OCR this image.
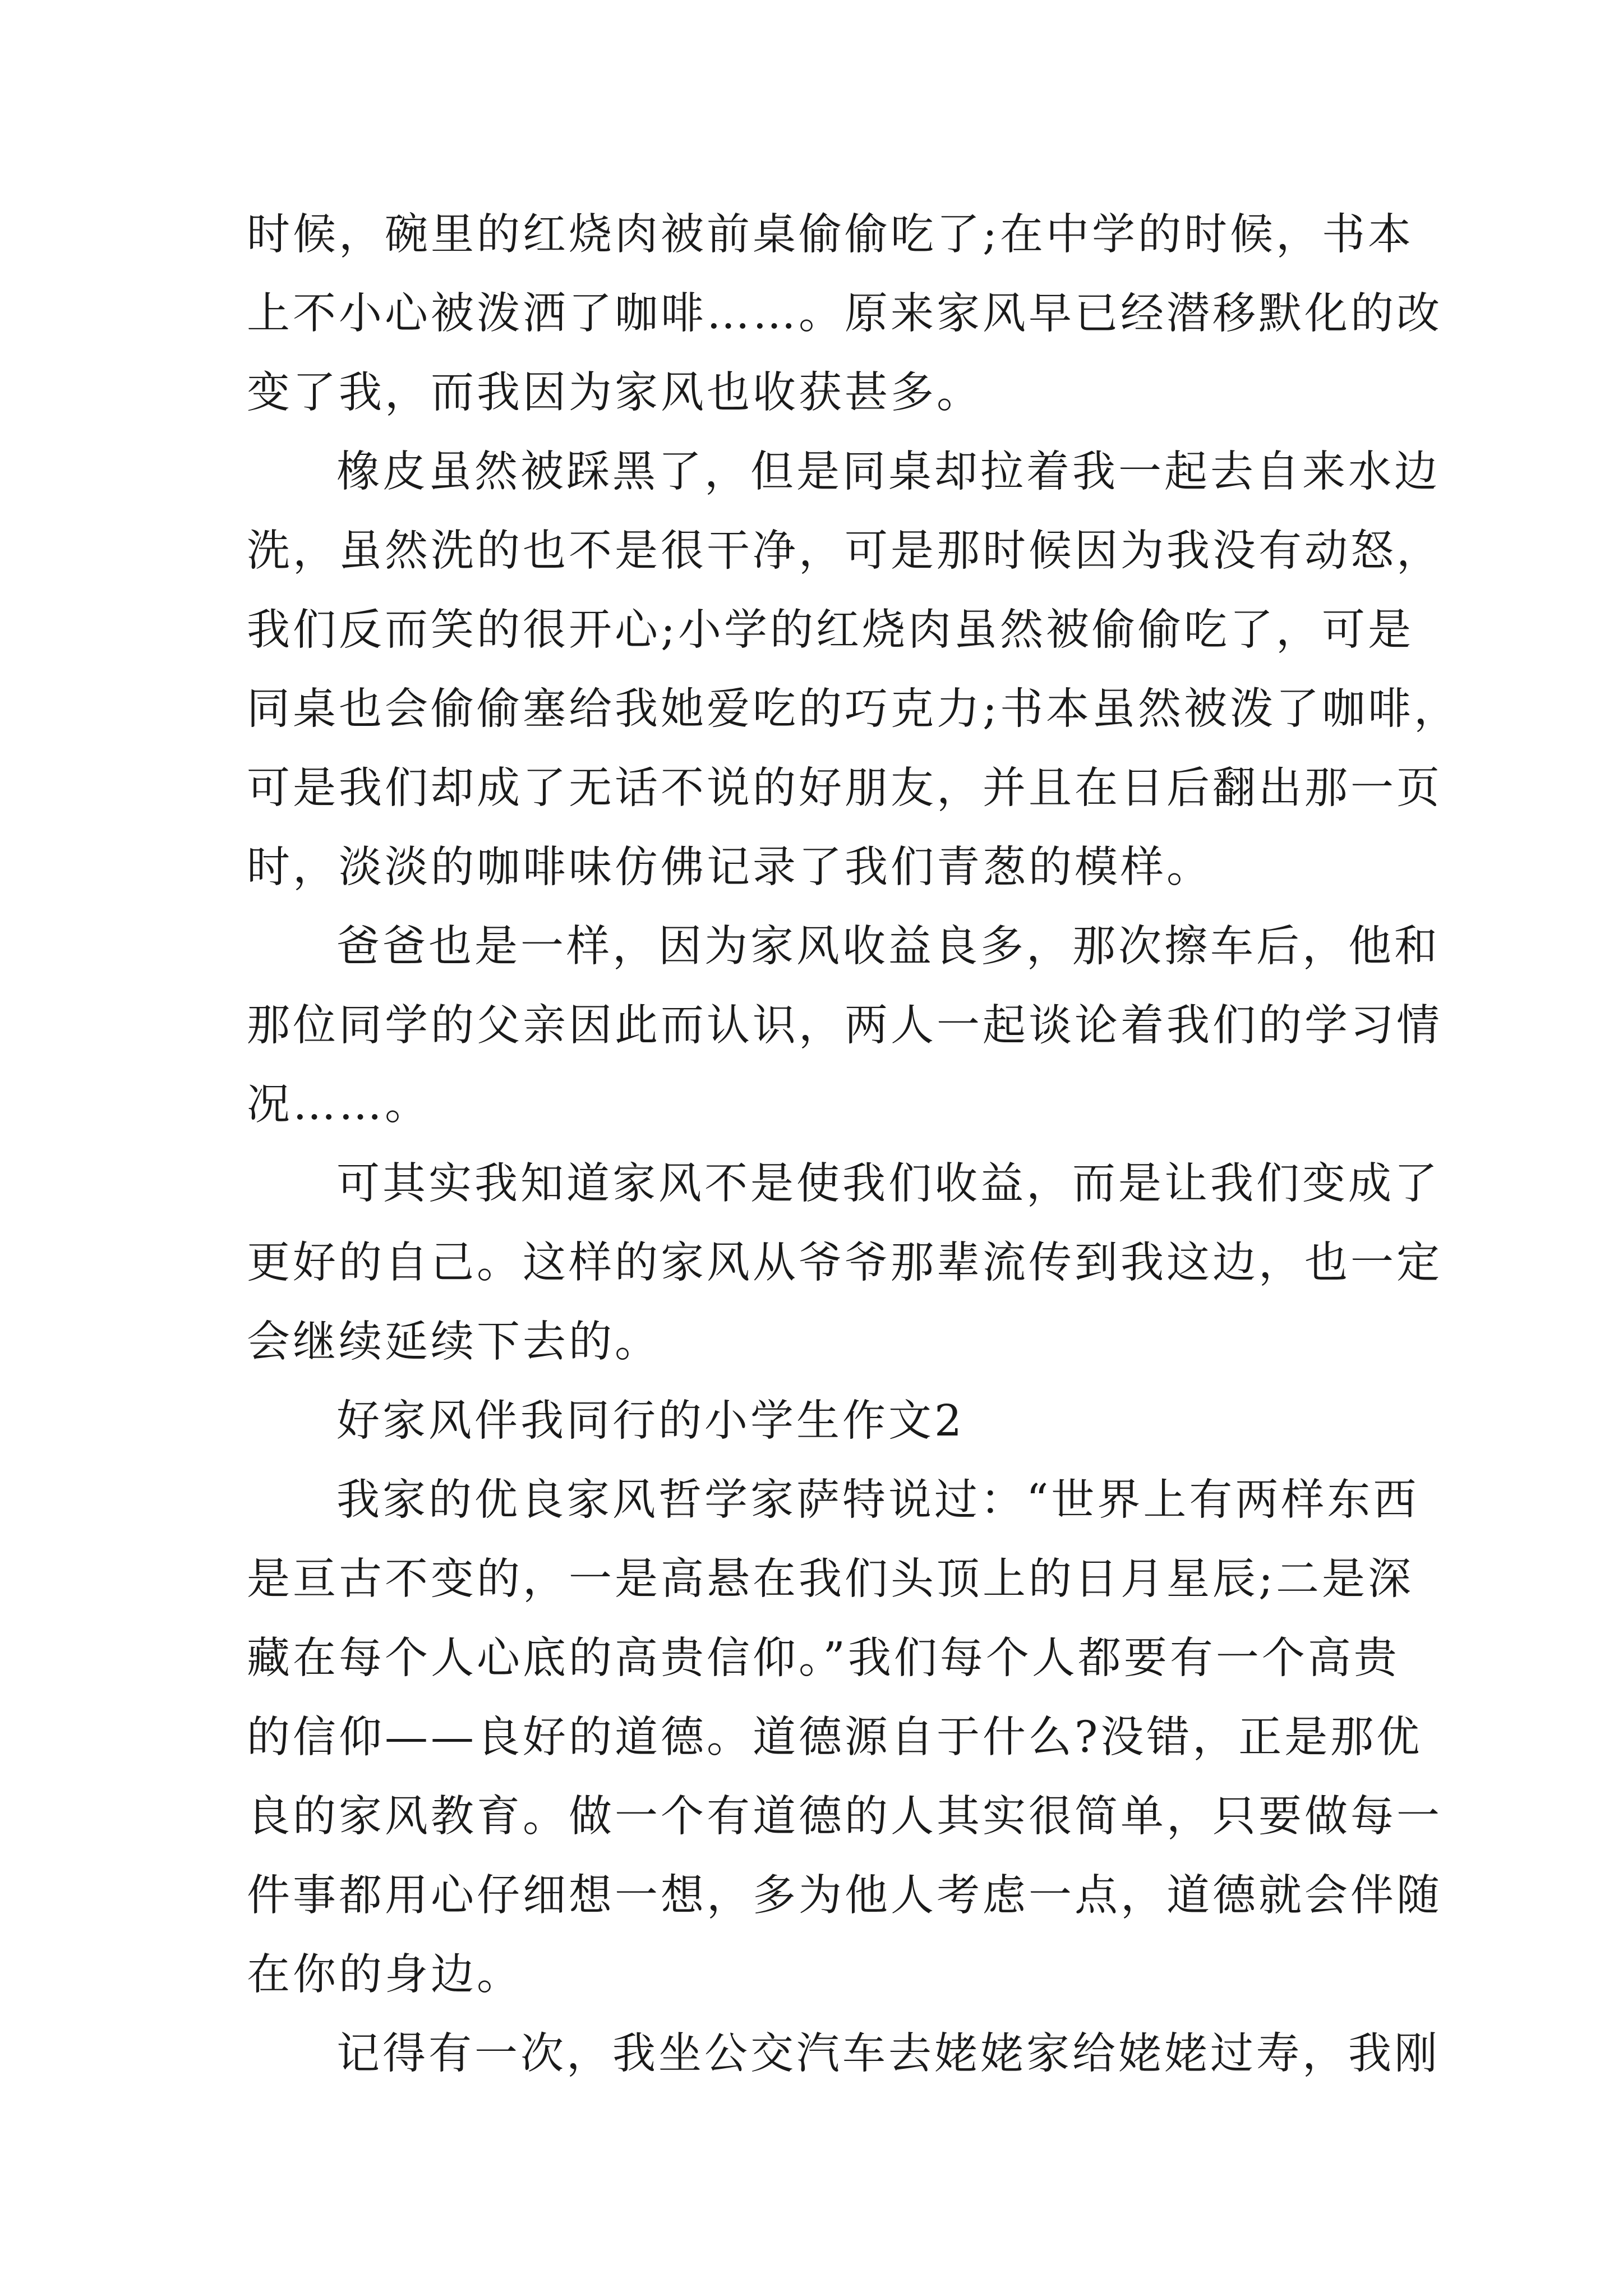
时候，碗里的红烧肉被前桌偷偷吃了;在中学的时候，书本
上不小心被泼洒了咖啡……。原来家风早已经潜移默化的改
变了我，而我因为家风也收获甚多。
橡皮虽然被踩黑了，但是同桌却拉着我一起去自来水边
洗，虽然洗的也不是很干净，可是那时候因为我没有动怒，
我们反而笑的很开心;小学的红烧肉虽然被偷偷吃了，可是
同桌也会偷偷塞给我她爱吃的巧克力;书本虽然被泼了咖啡，
可是我们却成了无话不说的好朋友，并且在日后翻出那一页
时，淡淡的咖啡味仿佛记录了我们青葱的模样。
爸爸也是一样，因为家风收益良多，那次擦车后，他和
那位同学的父亲因此而认识，两人一起谈论着我们的学习情
况……。
可其实我知道家风不是使我们收益，而是让我们变成了
更好的自己。这样的家风从爷爷那辈流传到我这边，也一定
会继续延续下去的。
好家风伴我同行的小学生作文2
我家的优良家风哲学家萨特说过：“世界上有两样东西
是亘古不变的，一是高悬在我们头顶上的日月星辰;二是深
藏在每个人心底的高贵信仰。”我们每个人都要有一个高贵
的信仰——良好的道德。道德源自于什么?没错，正是那优
良的家风教育。做一个有道德的人其实很简单，只要做每一
件事都用心仔细想一想，多为他人考虑一点，道德就会伴随
在你的身边。
记得有一次，我坐公交汽车去姥姥家给姥姥过寿，我刚
